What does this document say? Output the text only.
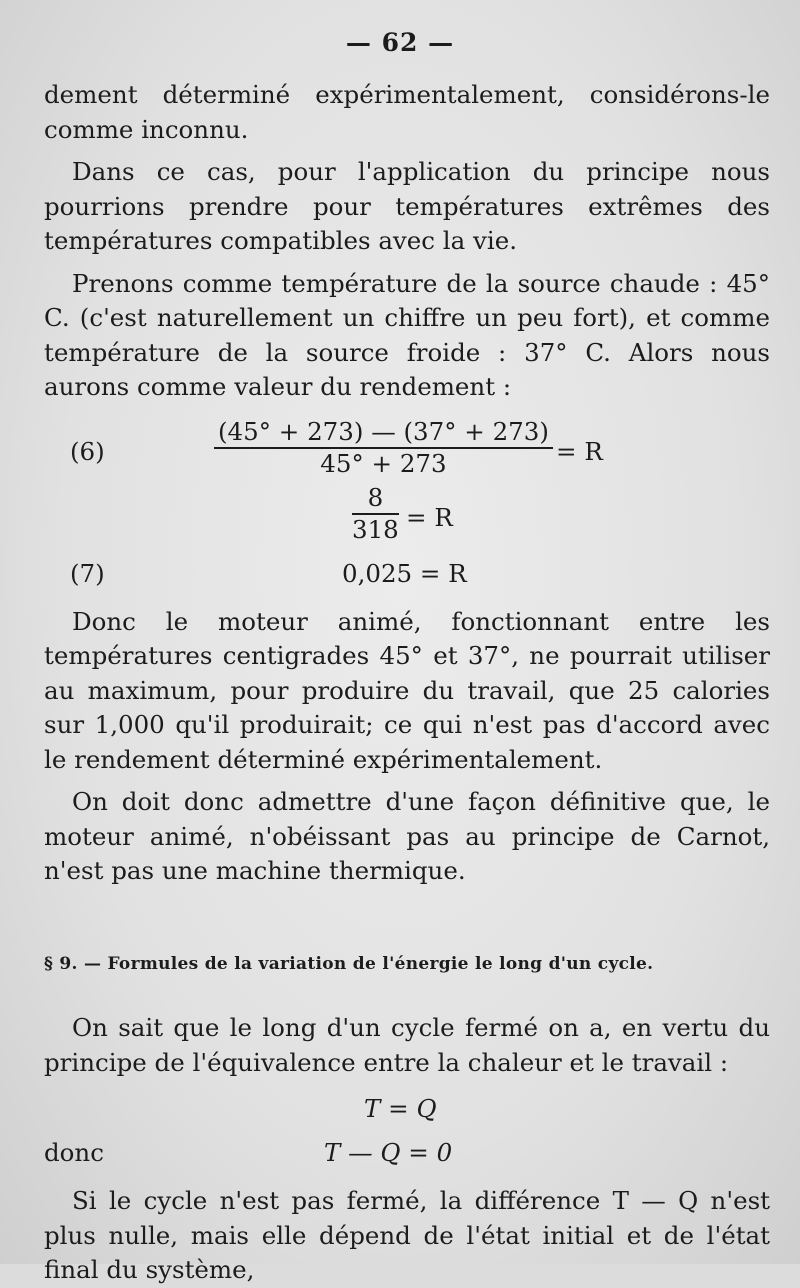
— 62 —

dement déterminé expérimentalement, considérons-le comme inconnu.

Dans ce cas, pour l'application du principe nous pourrions prendre pour températures extrêmes des températures compatibles avec la vie.

Prenons comme température de la source chaude : 45° C. (c'est naturellement un chiffre un peu fort), et comme température de la source froide : 37° C. Alors nous aurons comme valeur du rendement :

(6)	$\frac{(45^\circ + 273) — (37^\circ + 273)}{45^\circ + 273} = R$
$\frac{8}{318} = R$
(7)	0,025 = R

Donc le moteur animé, fonctionnant entre les températures centigrades 45° et 37°, ne pourrait utiliser au maximum, pour produire du travail, que 25 calories sur 1,000 qu'il produirait; ce qui n'est pas d'accord avec le rendement déterminé expérimentalement.

On doit donc admettre d'une façon définitive que, le moteur animé, n'obéissant pas au principe de Carnot, n'est pas une machine thermique.

§ 9. — Formules de la variation de l'énergie le long d'un cycle.

On sait que le long d'un cycle fermé on a, en vertu du principe de l'équivalence entre la chaleur et le travail :

T = Q
donc	T — Q = 0

Si le cycle n'est pas fermé, la différence T — Q n'est plus nulle, mais elle dépend de l'état initial et de l'état final du système,
